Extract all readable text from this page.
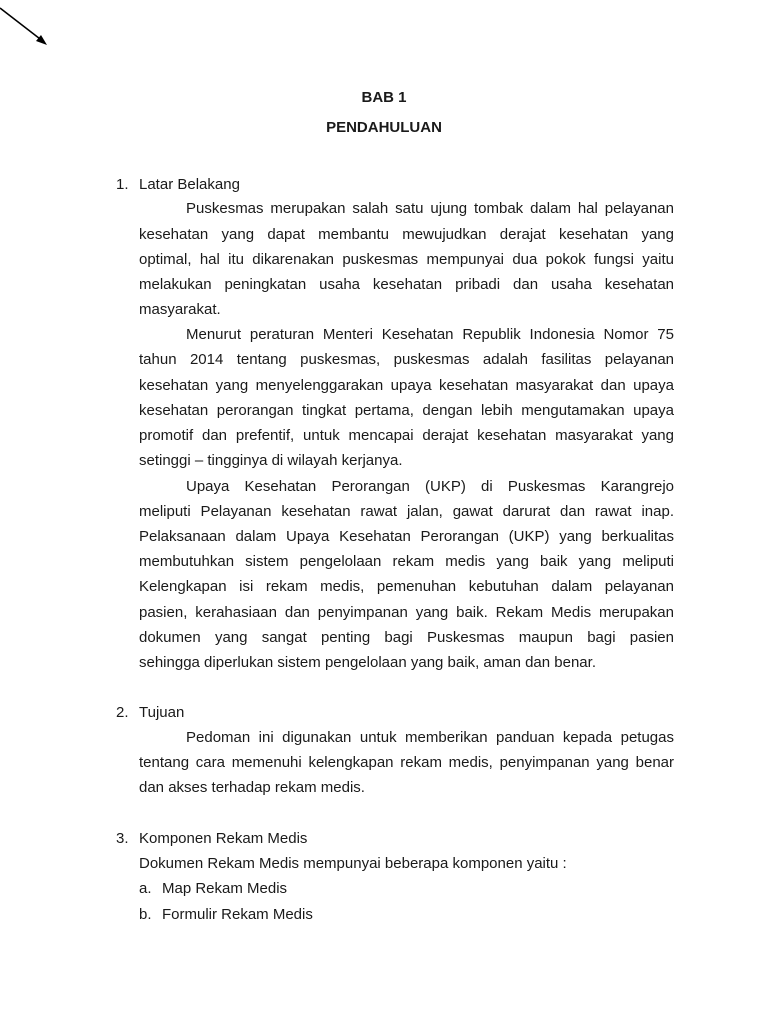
BAB 1
PENDAHULUAN
1. Latar Belakang
Puskesmas merupakan salah satu ujung tombak dalam hal pelayanan
kesehatan yang dapat membantu mewujudkan derajat kesehatan yang
optimal, hal itu dikarenakan puskesmas mempunyai dua pokok fungsi yaitu
melakukan peningkatan usaha kesehatan pribadi dan usaha kesehatan
masyarakat.
Menurut peraturan Menteri Kesehatan Republik Indonesia Nomor 75
tahun 2014 tentang puskesmas, puskesmas adalah fasilitas pelayanan
kesehatan yang menyelenggarakan upaya kesehatan masyarakat dan upaya
kesehatan perorangan tingkat pertama, dengan lebih mengutamakan upaya
promotif dan prefentif, untuk mencapai derajat kesehatan masyarakat yang
setinggi – tingginya di wilayah kerjanya.
Upaya Kesehatan Perorangan (UKP) di Puskesmas Karangrejo
meliputi Pelayanan kesehatan rawat jalan, gawat darurat dan rawat inap.
Pelaksanaan dalam Upaya Kesehatan Perorangan (UKP) yang berkualitas
membutuhkan sistem pengelolaan rekam medis yang baik yang meliputi
Kelengkapan isi rekam medis, pemenuhan kebutuhan dalam pelayanan
pasien, kerahasiaan dan penyimpanan yang baik. Rekam Medis merupakan
dokumen yang sangat penting bagi Puskesmas maupun bagi pasien
sehingga diperlukan sistem pengelolaan yang baik, aman dan benar.
2. Tujuan
Pedoman ini digunakan untuk memberikan panduan kepada petugas
tentang cara memenuhi kelengkapan rekam medis, penyimpanan yang benar
dan akses terhadap rekam medis.
3. Komponen Rekam Medis
Dokumen Rekam Medis mempunyai beberapa komponen yaitu :
a. Map Rekam Medis
b. Formulir Rekam Medis
